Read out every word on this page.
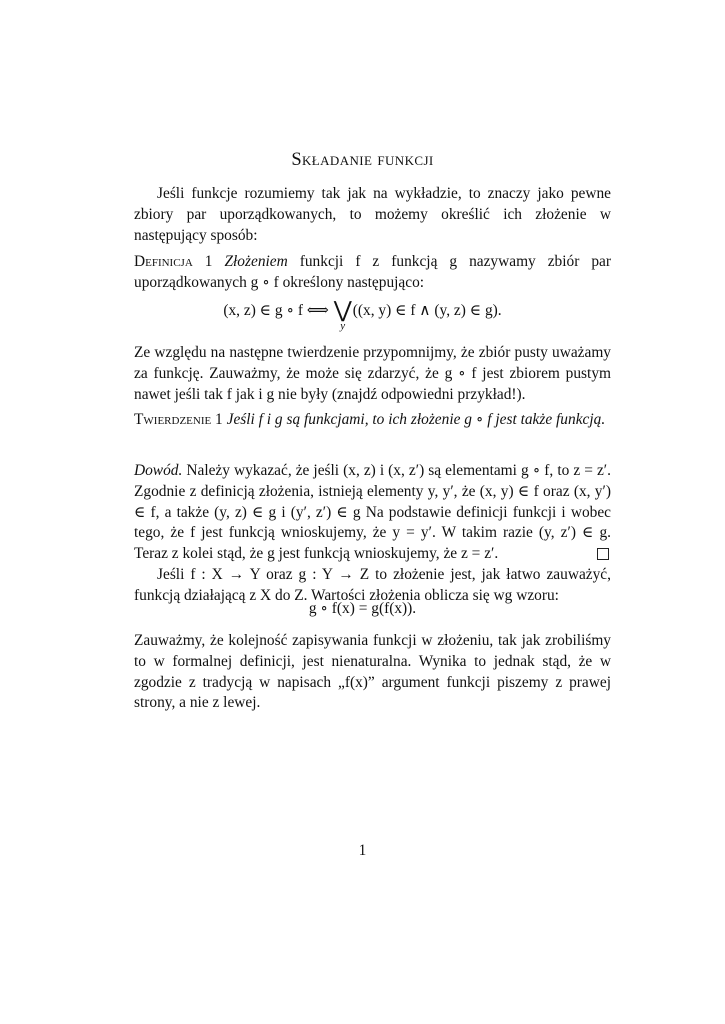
Składanie funkcji

Jeśli funkcje rozumiemy tak jak na wykładzie, to znaczy jako pewne zbiory par uporządkowanych, to możemy określić ich złożenie w następujący sposób:

Definicja 1 Złożeniem funkcji f z funkcją g nazywamy zbiór par uporządkowanych g ∘ f określony następująco:

(x, z) ∈ g ∘ f ⟺ ⋁
y
((x, y) ∈ f ∧ (y, z) ∈ g).

Ze względu na następne twierdzenie przypomnijmy, że zbiór pusty uważamy za funkcję. Zauważmy, że może się zdarzyć, że g ∘ f jest zbiorem pustym nawet jeśli tak f jak i g nie były (znajdź odpowiedni przykład!).

Twierdzenie 1 Jeśli f i g są funkcjami, to ich złożenie g ∘ f jest także funkcją.

Dowód. Należy wykazać, że jeśli (x, z) i (x, z′) są elementami g ∘ f, to z = z′. Zgodnie z definicją złożenia, istnieją elementy y, y′, że (x, y) ∈ f oraz (x, y′) ∈ f, a także (y, z) ∈ g i (y′, z′) ∈ g Na podstawie definicji funkcji i wobec tego, że f jest funkcją wnioskujemy, że y = y′. W takim razie (y, z′) ∈ g. Teraz z kolei stąd, że g jest funkcją wnioskujemy, że z = z′.

Jeśli f : X → Y oraz g : Y → Z to złożenie jest, jak łatwo zauważyć, funkcją działającą z X do Z. Wartości złożenia oblicza się wg wzoru:

g ∘ f(x) = g(f(x)).

Zauważmy, że kolejność zapisywania funkcji w złożeniu, tak jak zrobiliśmy to w formalnej definicji, jest nienaturalna. Wynika to jednak stąd, że w zgodzie z tradycją w napisach „f(x)” argument funkcji piszemy z prawej strony, a nie z lewej.

1
